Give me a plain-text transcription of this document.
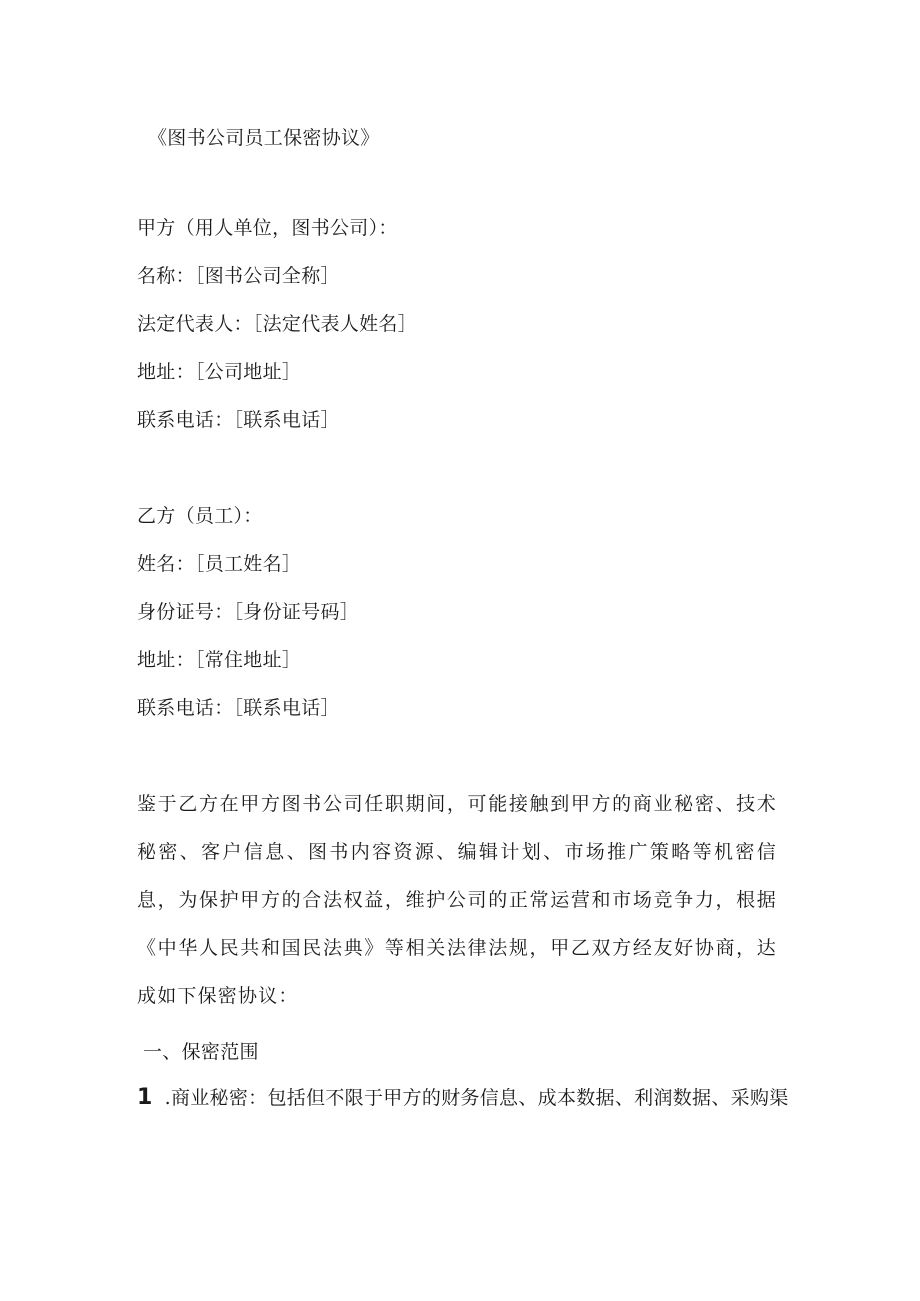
《图书公司员工保密协议》
甲方（用人单位，图书公司）：
名称：［图书公司全称］
法定代表人：［法定代表人姓名］
地址：［公司地址］
联系电话：［联系电话］
乙方（员工）：
姓名：［员工姓名］
身份证号：［身份证号码］
地址：［常住地址］
联系电话：［联系电话］
鉴于乙方在甲方图书公司任职期间，可能接触到甲方的商业秘密、技术秘密、客户信息、图书内容资源、编辑计划、市场推广策略等机密信息，为保护甲方的合法权益，维护公司的正常运营和市场竞争力，根据《中华人民共和国民法典》等相关法律法规，甲乙双方经友好协商，达成如下保密协议：
一、保密范围
1 .商业秘密：包括但不限于甲方的财务信息、成本数据、利润数据、采购渠
